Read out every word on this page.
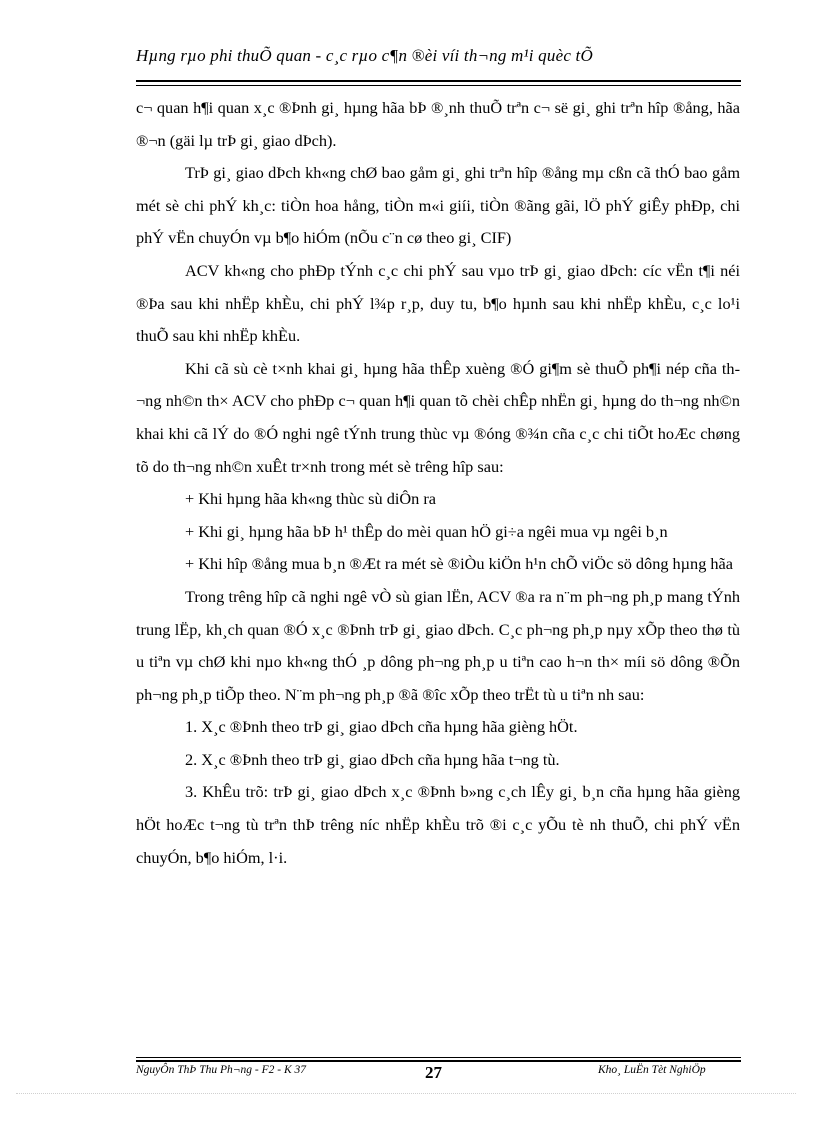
Hµng rµo phi thuÕ quan - c¸c rµo c¶n ®èi víi th¬ng m¹i quèc tÕ

c¬ quan h¶i quan x¸c ®Þnh gi¸ hµng hãa bÞ ®¸nh thuÕ trªn c¬ së gi¸ ghi trªn hîp ®ång, hãa ®¬n (gäi lµ trÞ gi¸ giao dÞch).

TrÞ gi¸ giao dÞch kh«ng chØ bao gåm gi¸ ghi trªn hîp ®ång mµ cßn cã thÓ bao gåm mét sè chi phÝ kh¸c: tiÒn hoa hång, tiÒn m«i giíi, tiÒn ®ãng gãi, lÖ phÝ giÊy phÐp, chi phÝ vËn chuyÓn vµ b¶o hiÓm (nÕu c¨n cø theo gi¸ CIF)

ACV kh«ng cho phÐp tÝnh c¸c chi phÝ sau vµo trÞ gi¸ giao dÞch: cíc vËn t¶i néi ®Þa sau khi nhËp khÈu, chi phÝ l¾p r¸p, duy tu, b¶o hµnh sau khi nhËp khÈu, c¸c lo¹i thuÕ sau khi nhËp khÈu.

Khi cã sù cè t×nh khai gi¸ hµng hãa thÊp xuèng ®Ó gi¶m sè thuÕ ph¶i nép cña th¬ng nh©n th× ACV cho phÐp c¬ quan h¶i quan tõ chèi chÊp nhËn gi¸ hµng do th¬ng nh©n khai khi cã lÝ do ®Ó nghi ngê tÝnh trung thùc vµ ®óng ®¾n cña c¸c chi tiÕt hoÆc chøng tõ do th¬ng nh©n xuÊt tr×nh trong mét sè trêng hîp sau:

+ Khi hµng hãa kh«ng thùc sù diÔn ra

+ Khi gi¸ hµng hãa bÞ h¹ thÊp do mèi quan hÖ gi÷a ngêi mua vµ ngêi b¸n

+ Khi hîp ®ång mua b¸n ®Æt ra mét sè ®iÒu kiÖn h¹n chÕ viÖc sö dông hµng hãa

Trong trêng hîp cã nghi ngê vÒ sù gian lËn, ACV ®a ra n¨m ph¬ng ph¸p mang tÝnh trung lËp, kh¸ch quan ®Ó x¸c ®Þnh trÞ gi¸ giao dÞch. C¸c ph¬ng ph¸p nµy xÕp theo thø tù u tiªn vµ chØ khi nµo kh«ng thÓ ¸p dông ph¬ng ph¸p u tiªn cao h¬n th× míi sö dông ®Õn ph¬ng ph¸p tiÕp theo. N¨m ph¬ng ph¸p ®ã ®îc xÕp theo trËt tù u tiªn nh sau:

1. X¸c ®Þnh theo trÞ gi¸ giao dÞch cña hµng hãa gièng hÖt.

2. X¸c ®Þnh theo trÞ gi¸ giao dÞch cña hµng hãa t¬ng tù.

3. KhÊu trõ: trÞ gi¸ giao dÞch x¸c ®Þnh b»ng c¸ch lÊy gi¸ b¸n cña hµng hãa gièng hÖt hoÆc t¬ng tù trªn thÞ trêng níc nhËp khÈu trõ ®i c¸c yÕu tè nh thuÕ, chi phÝ vËn chuyÓn, b¶o hiÓm, l·i.

NguyÔn ThÞ Thu Ph¬ng - F2 - K 37	27	Kho¸ LuËn Tèt NghiÖp
